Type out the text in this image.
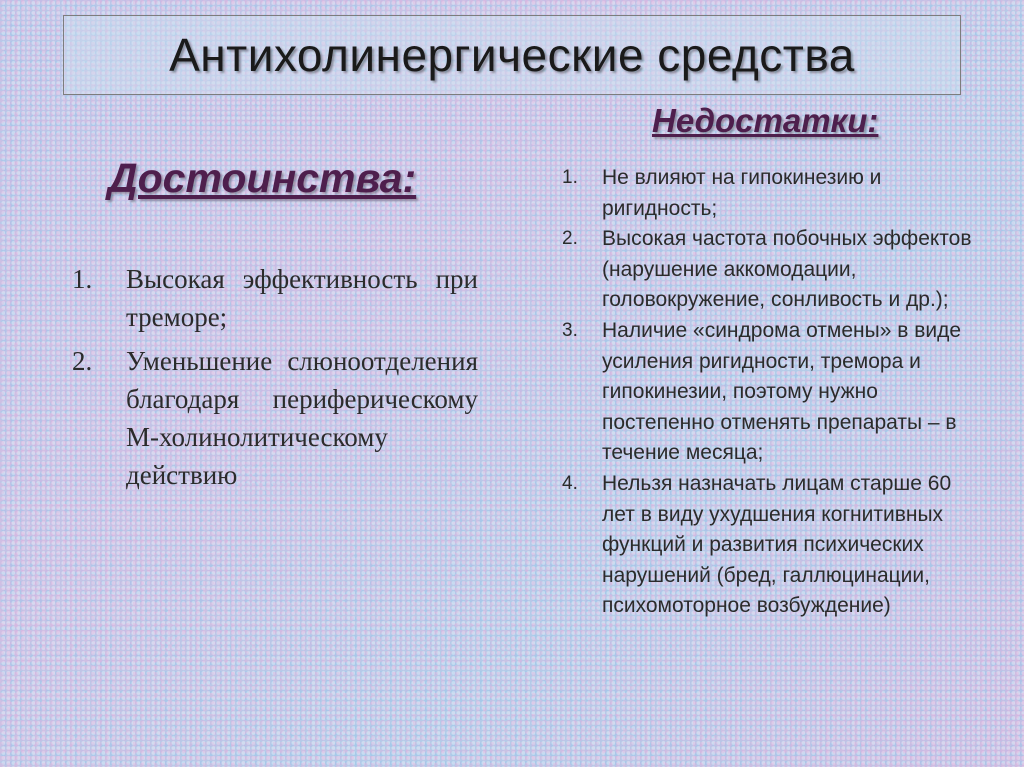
Антихолинергические средства
Достоинства:
Недостатки:
1. Высокая эффективность при треморе;
2. Уменьшение слюноотделения благодаря периферическому М-холинолитическому действию
1. Не влияют на гипокинезию и ригидность;
2. Высокая частота побочных эффектов (нарушение аккомодации, головокружение, сонливость и др.);
3. Наличие «синдрома отмены» в виде усиления ригидности, тремора и гипокинезии, поэтому нужно постепенно отменять препараты – в течение месяца;
4. Нельзя назначать лицам старше 60 лет в виду ухудшения когнитивных функций и развития психических нарушений (бред, галлюцинации, психомоторное возбуждение)
